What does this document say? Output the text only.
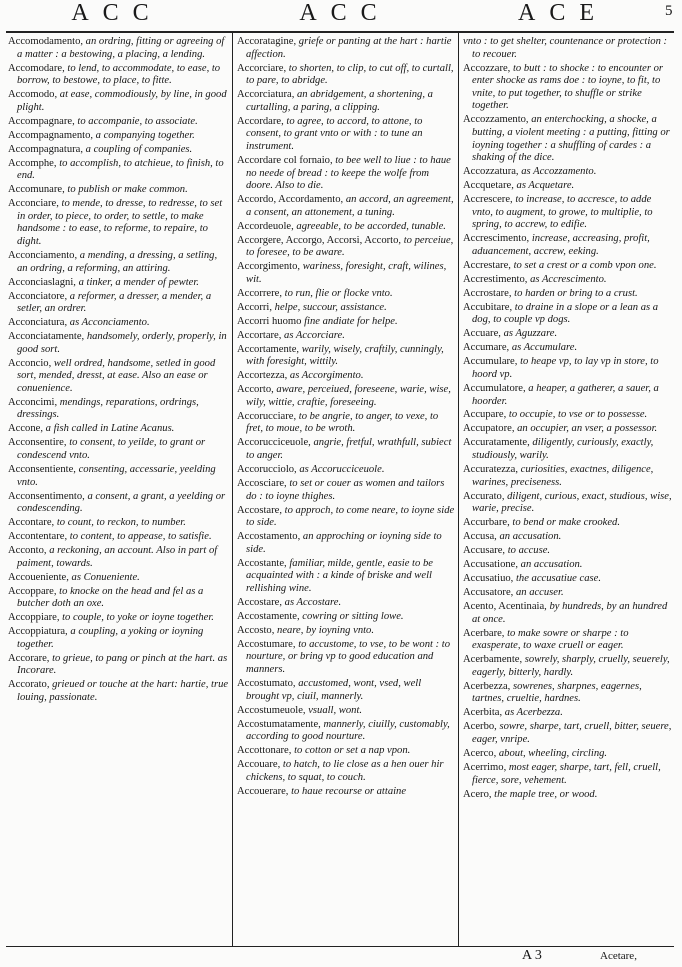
ACC	ACC	ACE	5
Accomodamento, an ordring, fitting or agreeing of a matter : a bestowing, a placing, a lending.
Accomodare, to lend, to accommodate, to ease, to borrow, to bestowe, to place, to fitte.
Accomodo, at ease, commodiously, by line, in good plight.
Accompagnare, to accompanie, to associate.
Accompagnamento, a companying together.
Accompagnatura, a coupling of companies.
Accomphe, to accomplish, to atchieue, to finish, to end.
Accomunare, to publish or make common.
Acconciare, to mende, to dresse, to redresse, to set in order, to piece, to order, to settle, to make handsome : to ease, to reforme, to repaire, to dight.
Acconciamento, a mending, a dressing, a setling, an ordring, a reforming, an attiring.
Acconciaslagni, a tinker, a mender of pewter.
Acconciatore, a reformer, a dresser, a mender, a setler, an ordrer.
Acconciatura, as Acconciamento.
Acconciatamente, handsomely, orderly, properly, in good sort.
Acconcio, well ordred, handsome, setled in good sort, mended, dresst, at ease. Also an ease or conuenience.
Acconcimi, mendings, reparations, ordrings, dressings.
Accone, a fish called in Latine Acanus.
Acconsentire, to consent, to yeilde, to grant or condescend vnto.
Acconsentiente, consenting, accessarie, yeelding vnto.
Acconsentimento, a consent, a grant, a yeelding or condescending.
Accontare, to count, to reckon, to number.
Accontentare, to content, to appease, to satisfie.
Acconto, a reckoning, an account. Also in part of paiment, towards.
Accoueniente, as Conueniente.
Accoppare, to knocke on the head and fel as a butcher doth an oxe.
Accoppiare, to couple, to yoke or ioyne together.
Accoppiatura, a coupling, a yoking or ioyning together.
Accorare, to grieue, to pang or pinch at the hart. as Incorare.
Accorato, grieued or touche at the hart: hartie, true louing, passionate.
Accoratagine, griefe or panting at the hart : hartie affection.
Accorciare, to shorten, to clip, to cut off, to curtall, to pare, to abridge.
Accorciatura, an abridgement, a shortening, a curtalling, a paring, a clipping.
Accordare, to agree, to accord, to attone, to consent, to grant vnto or with : to tune an instrument.
Accordare col fornaio, to bee well to liue : to haue no neede of bread : to keepe the wolfe from doore. Also to die.
Accordo, Accordamento, an accord, an agreement, a consent, an attonement, a tuning.
Accordeuole, agreeable, to be accorded, tunable.
Accorgere, Accorgo, Accorsi, Accorto, to perceiue, to foresee, to be aware.
Accorgimento, wariness, foresight, craft, wilines, wit.
Accorrere, to run, flie or flocke vnto.
Accorri, helpe, succour, assistance.
Accorri huomo fine andiate for helpe.
Accortare, as Accorciare.
Accortamente, warily, wisely, craftily, cunningly, with foresight, wittily.
Accortezza, as Accorgimento.
Accorto, aware, perceiued, foreseene, warie, wise, wily, wittie, craftie, foreseeing.
Accorucciare, to be angrie, to anger, to vexe, to fret, to moue, to be wroth.
Accorucciceuole, angrie, fretful, wrathfull, subiect to anger.
Accorucciolo, as Accorucciceuole.
Accosciare, to set or couer as women and tailors do : to ioyne thighes.
Accostare, to approch, to come neare, to ioyne side to side.
Accostamento, an approching or ioyning side to side.
Accostante, familiar, milde, gentle, easie to be acquainted with : a kinde of briske and well rellishing wine.
Accostare, as Accostare.
Accostamente, cowring or sitting lowe.
Accosto, neare, by ioyning vnto.
Accostumare, to accustome, to vse, to be wont : to nourture, or bring vp to good education and manners.
Accostumato, accustomed, wont, vsed, well brought vp, ciuil, mannerly.
Accostumeuole, vsuall, wont.
Accostumatamente, mannerly, ciuilly, customably, according to good nourture.
Accottonare, to cotton or set a nap vpon.
Accouare, to hatch, to lie close as a hen ouer hir chickens, to squat, to couch.
Accouerare, to haue recourse or attaine
vnto : to get shelter, countenance or protection : to recouer.
Accozzare, to butt : to shocke : to encounter or enter shocke as rams doe : to ioyne, to fit, to vnite, to put together, to shuffle or strike together.
Accozzamento, an enterchocking, a shocke, a butting, a violent meeting : a putting, fitting or ioyning together : a shuffling of cardes : a shaking of the dice.
Accozzatura, as Accozzamento.
Accquetare, as Acquetare.
Accrescere, to increase, to accresce, to adde vnto, to augment, to growe, to multiplie, to spring, to accrew, to edifie.
Accrescimento, increase, accreasing, profit, aduancement, accrew, eeking.
Accrestare, to set a crest or a comb vpon one.
Accrestimento, as Accrescimento.
Accrostare, to harden or bring to a crust.
Accubitare, to draine in a slope or a lean as a dog, to couple vp dogs.
Accuare, as Aguzzare.
Accumare, as Accumulare.
Accumulare, to heape vp, to lay vp in store, to hoord vp.
Accumulatore, a heaper, a gatherer, a sauer, a hoorder.
Accupare, to occupie, to vse or to possesse.
Accupatore, an occupier, an vser, a possessor.
Accuratamente, diligently, curiously, exactly, studiously, warily.
Accuratezza, curiosities, exactnes, diligence, warines, preciseness.
Accurato, diligent, curious, exact, studious, wise, warie, precise.
Accurbare, to bend or make crooked.
Accusa, an accusation.
Accusare, to accuse.
Accusatione, an accusation.
Accusatiuo, the accusatiue case.
Accusatore, an accuser.
Acento, Acentinaia, by hundreds, by an hundred at once.
Acerbare, to make sowre or sharpe : to exasperate, to waxe cruell or eager.
Acerbamente, sowrely, sharply, cruelly, seuerely, eagerly, bitterly, hardly.
Acerbezza, sowrenes, sharpnes, eagernes, tartnes, crueltie, hardnes.
Acerbita, as Acerbezza.
Acerbo, sowre, sharpe, tart, cruell, bitter, seuere, eager, vnripe.
Acerco, about, wheeling, circling.
Acerrimo, most eager, sharpe, tart, fell, cruell, fierce, sore, vehement.
Acero, the maple tree, or wood.
A 3	Acetare,
